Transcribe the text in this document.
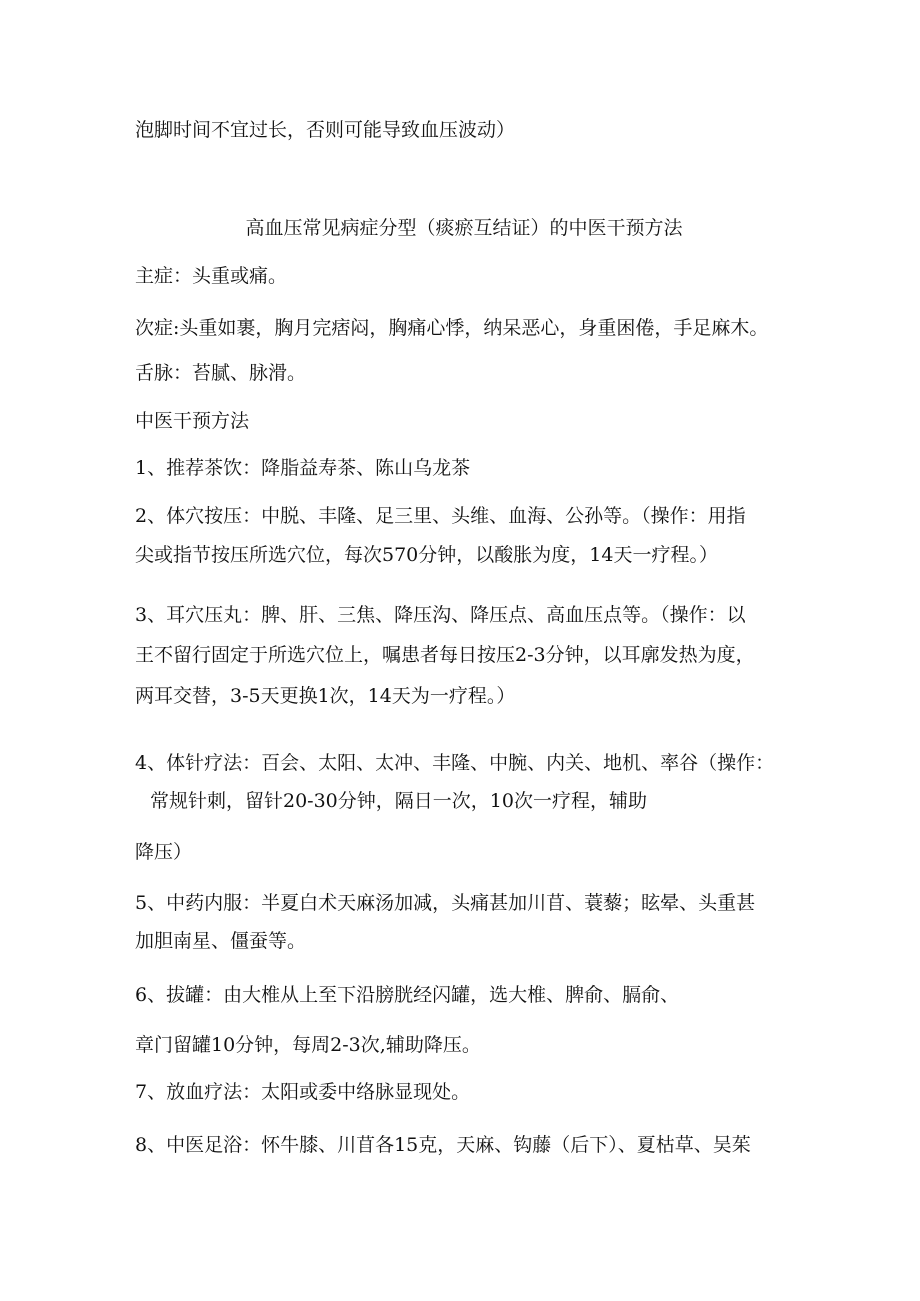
泡脚时间不宜过长，否则可能导致血压波动）
高血压常见病症分型（痰瘀互结证）的中医干预方法
主症：头重或痛。
次症:头重如裹，胸月完痞闷，胸痛心悸，纳呆恶心，身重困倦，手足麻木。
舌脉：苔腻、脉滑。
中医干预方法
1、推荐茶饮：降脂益寿茶、陈山乌龙茶
2、体穴按压：中脱、丰隆、足三里、头维、血海、公孙等。（操作：用指
尖或指节按压所选穴位，每次570分钟，以酸胀为度，14天一疗程。）
3、耳穴压丸：脾、肝、三焦、降压沟、降压点、高血压点等。（操作：以
王不留行固定于所选穴位上，嘱患者每日按压2-3分钟，以耳廓发热为度，
两耳交替，3-5天更换1次，14天为一疗程。）
4、体针疗法：百会、太阳、太冲、丰隆、中腕、内关、地机、率谷（操作：
常规针刺，留针20-30分钟，隔日一次，10次一疗程，辅助
降压）
5、中药内服：半夏白术天麻汤加减，头痛甚加川苜、蓑藜；眩晕、头重甚
加胆南星、僵蚕等。
6、拔罐：由大椎从上至下沿膀胱经闪罐，选大椎、脾俞、膈俞、
章门留罐10分钟，每周2-3次,辅助降压。
7、放血疗法：太阳或委中络脉显现处。
8、中医足浴：怀牛膝、川苜各15克，天麻、钩藤（后下）、夏枯草、吴茱
